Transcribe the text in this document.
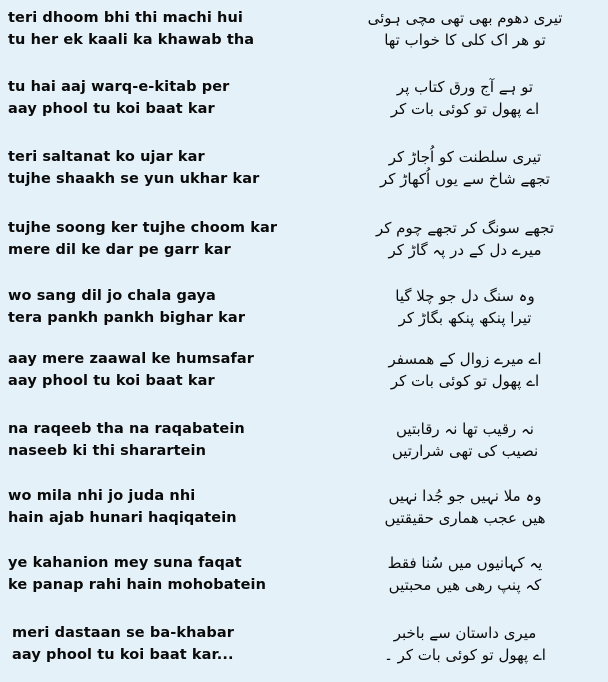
teri dhoom bhi thi machi hui
tu her ek kaali ka khawab tha
تیری دھوم بھی تھی مچی ہوئی
تو ھر اک کلی کا خواب تھا
tu hai aaj warq-e-kitab per
aay phool tu koi baat kar
تو ہے آج ورق کتاب پر
اے پھول تو کوئی بات کر
teri saltanat ko ujar kar
tujhe shaakh se yun ukhar kar
تیری سلطنت کو اُجاڑ کر
تجھے شاخ سے یوں اُکھاڑ کر
tujhe soong ker tujhe choom kar
mere dil ke dar pe garr kar
تجھے سونگ کر تجھے چوم کر
میرے دل کے در پہ گاڑ کر
wo sang dil jo chala gaya
tera pankh pankh bighar kar
وہ سنگ دل جو چلا گیا
تیرا پنکھ پنکھ بگاڑ کر
aay mere zaawal ke humsafar
aay phool tu koi baat kar
اے میرے زوال کے ھمسفر
اے پھول تو کوئی بات کر
na raqeeb tha na raqabatein
naseeb ki thi sharartein
نہ رقیب تھا نہ رقابتیں
نصیب کی تھی شرارتیں
wo mila nhi jo juda nhi
hain ajab hunari haqiqatein
وہ ملا نہیں جو جُدا نہیں
ھیں عجب ھماری حقیقتیں
ye kahanion mey suna faqat
ke panap rahi hain mohobatein
یہ کہانیوں میں سُنا فقط
کہ پنپ رھی ھیں محبتیں
meri dastaan se ba-khabar
aay phool tu koi baat kar...
میری داستان سے باخبر
اے پھول تو کوئی بات کر ۔
